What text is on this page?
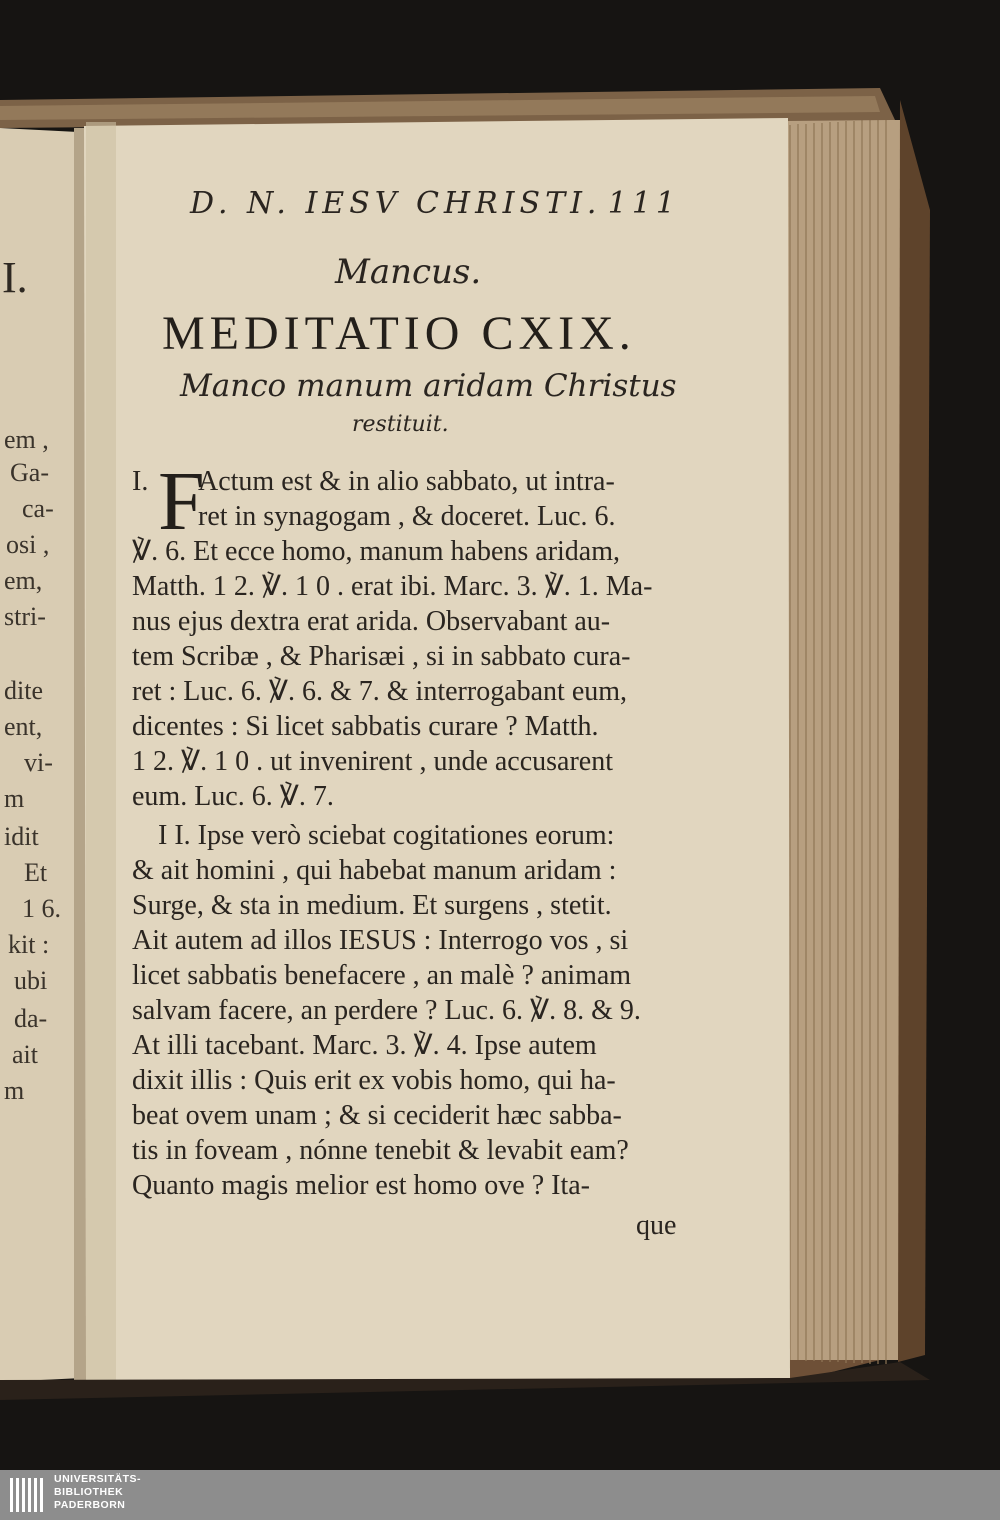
I.
em ,
Ga-
ca-
osi ,
em,
stri-
dite
ent,
vi-
m
idit
Et
1 6.
kit :
ubi
da-
ait
m
D. N. IESV CHRISTI. 111
Mancus.
MEDITATIO CXIX.
Manco manum aridam Christus
restituit.
I. F
Actum est & in alio sabbato, ut intra-
ret in synagogam , & doceret. Luc. 6.
℣. 6. Et ecce homo, manum habens aridam,
Matth. 1 2. ℣. 1 0 . erat ibi. Marc. 3. ℣. 1. Ma-
nus ejus dextra erat arida. Observabant au-
tem Scribæ , & Pharisæi , si in sabbato cura-
ret : Luc. 6. ℣. 6. & 7. & interrogabant eum,
dicentes : Si licet sabbatis curare ? Matth.
1 2. ℣. 1 0 . ut invenirent , unde accusarent
eum. Luc. 6. ℣. 7.
I I. Ipse verò sciebat cogitationes eorum:
& ait homini , qui habebat manum aridam :
Surge, & sta in medium. Et surgens , stetit.
Ait autem ad illos IESUS : Interrogo vos , si
licet sabbatis benefacere , an malè ? animam
salvam facere, an perdere ? Luc. 6. ℣. 8. & 9.
At illi tacebant. Marc. 3. ℣. 4. Ipse autem
dixit illis : Quis erit ex vobis homo, qui ha-
beat ovem unam ; & si ceciderit hæc sabba-
tis in foveam , nónne tenebit & levabit eam?
Quanto magis melior est homo ove ? Ita-
que
UNIVERSITÄTS-
BIBLIOTHEK
PADERBORN
